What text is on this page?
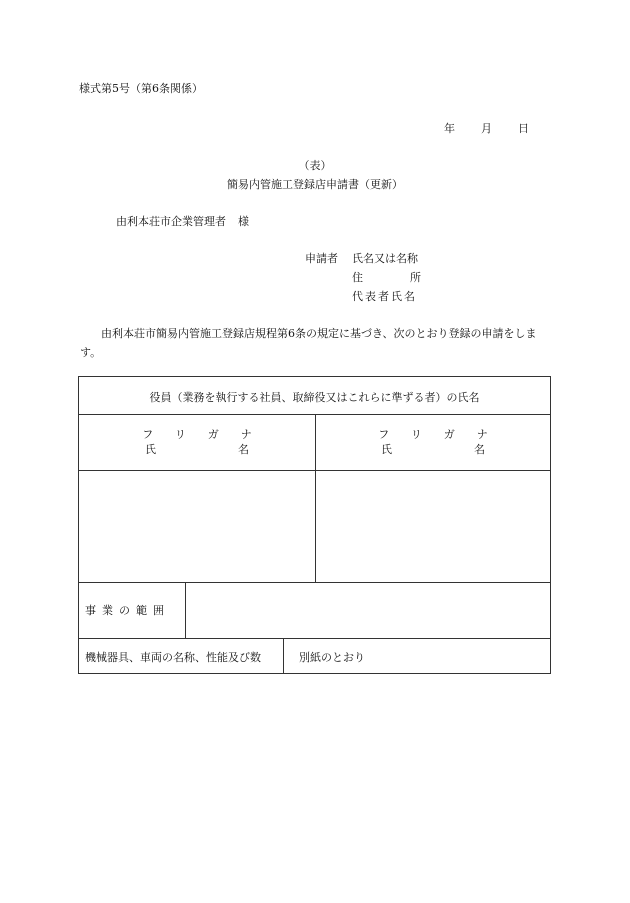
様式第5号（第6条関係）
年 月 日
（表）
簡易内管施工登録店申請書（更新）
由利本荘市企業管理者 様
申請者 氏名又は名称
住	所
代表者氏名
由利本荘市簡易内管施工登録店規程第6条の規定に基づき、次のとおり登録の申請をします。
役員（業務を執行する社員、取締役又はこれらに準ずる者）の氏名
フリガナ
氏名
フリガナ
氏名
事業の範囲
機械器具、車両の名称、性能及び数	別紙のとおり
